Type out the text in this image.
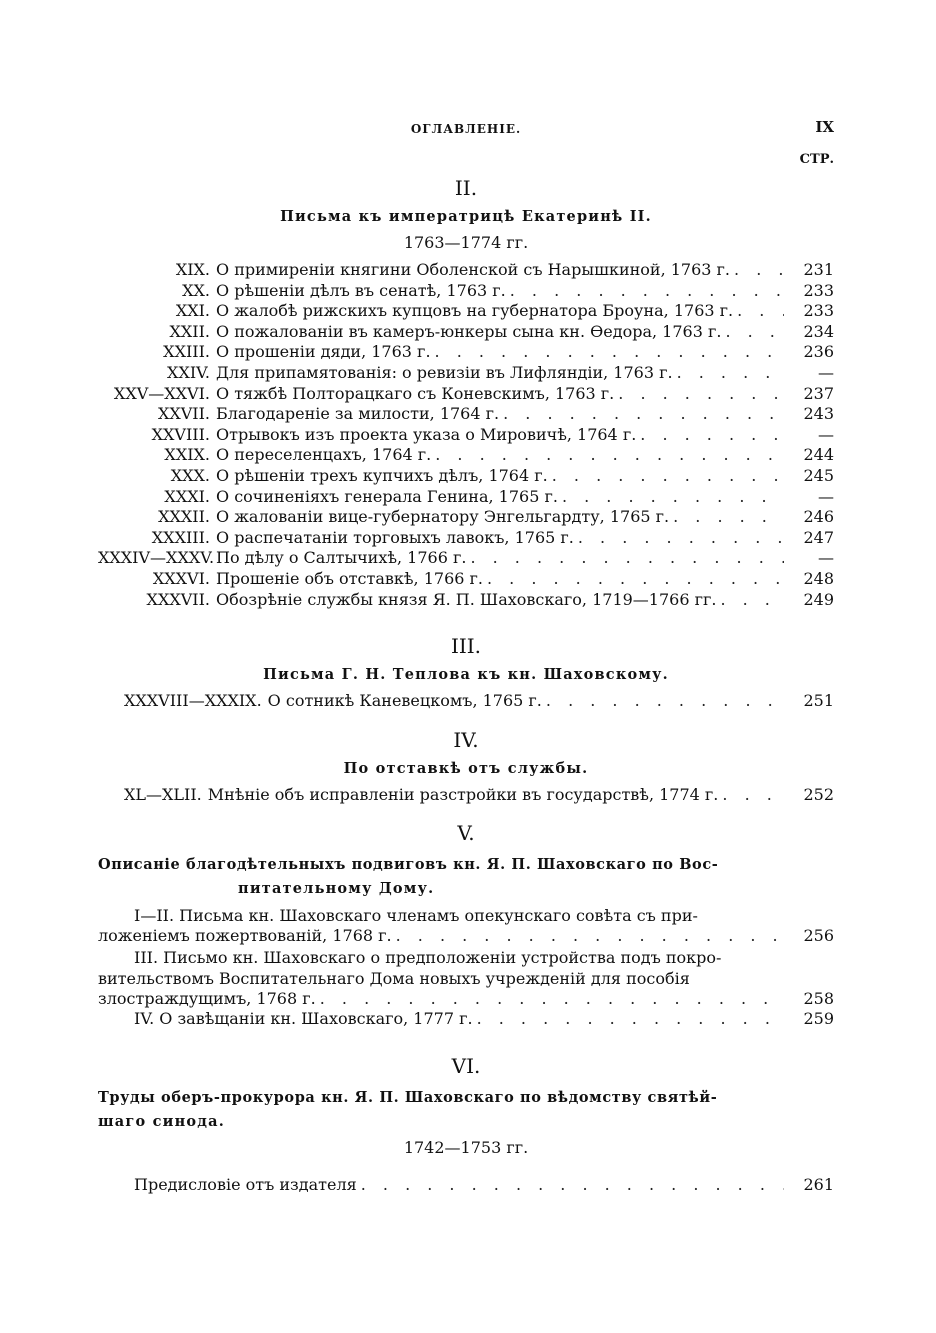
ОГЛАВЛЕНІЕ.	IX
СТР.
II.
Письма къ императрицѣ Екатеринѣ II.
1763—1774 гг.
XIX. О примиреніи княгини Оболенской съ Нарышкиной, 1763 г. . . .	231
XX. О рѣшеніи дѣлъ въ сенатѣ, 1763 г. . . .	233
XXI. О жалобѣ рижскихъ купцовъ на губернатора Броуна, 1763 г. . . .	233
XXII. О пожалованіи въ камеръ-юнкеры сына кн. Өедора, 1763 г. . . .	234
XXIII. О прошеніи дяди, 1763 г. . . .	236
XXIV. Для припамятованія: о ревизіи въ Лифляндіи, 1763 г. . . .	—
XXV—XXVI. О тяжбѣ Полторацкаго съ Коневскимъ, 1763 г. . . .	237
XXVII. Благодареніе за милости, 1764 г. . . .	243
XXVIII. Отрывокъ изъ проекта указа о Мировичѣ, 1764 г. . . .	—
XXIX. О переселенцахъ, 1764 г. . . .	244
XXX. О рѣшеніи трехъ купчихъ дѣлъ, 1764 г. . . .	245
XXXI. О сочиненіяхъ генерала Генина, 1765 г. . . .	—
XXXII. О жалованіи вице-губернатору Энгельгардту, 1765 г. . . .	246
XXXIII. О распечатаніи торговыхъ лавокъ, 1765 г. . . .	247
XXXIV—XXXV. По дѣлу о Салтычихѣ, 1766 г. . . .	—
XXXVI. Прошеніе объ отставкѣ, 1766 г. . . .	248
XXXVII. Обозрѣніе службы князя Я. П. Шаховскаго, 1719—1766 гг. . . .	249
III.
Письма Г. Н. Теплова къ кн. Шаховскому.
XXXVIII—XXXIX. О сотникѣ Каневецкомъ, 1765 г. . . .	251
IV.
По отставкѣ отъ службы.
XL—XLII. Мнѣніе объ исправленіи разстройки въ государствѣ, 1774 г. . . .	252
V.
Описаніе благодѣтельныхъ подвиговъ кн. Я. П. Шаховскаго по Вос-
питательному Дому.
I—II. Письма кн. Шаховскаго членамъ опекунскаго совѣта съ при-
ложеніемъ пожертвованій, 1768 г. . . .	256
III. Письмо кн. Шаховскаго о предположеніи устройства подъ покро-
вительствомъ Воспитательнаго Дома новыхъ учрежденій для пособія
злостраждущимъ, 1768 г. . . .	258
IV. О завѣщаніи кн. Шаховскаго, 1777 г. . . .	259
VI.
Труды оберъ-прокурора кн. Я. П. Шаховскаго по вѣдомству святѣй-
шаго синода.
1742—1753 гг.
Предисловіе отъ издателя . . .	261
